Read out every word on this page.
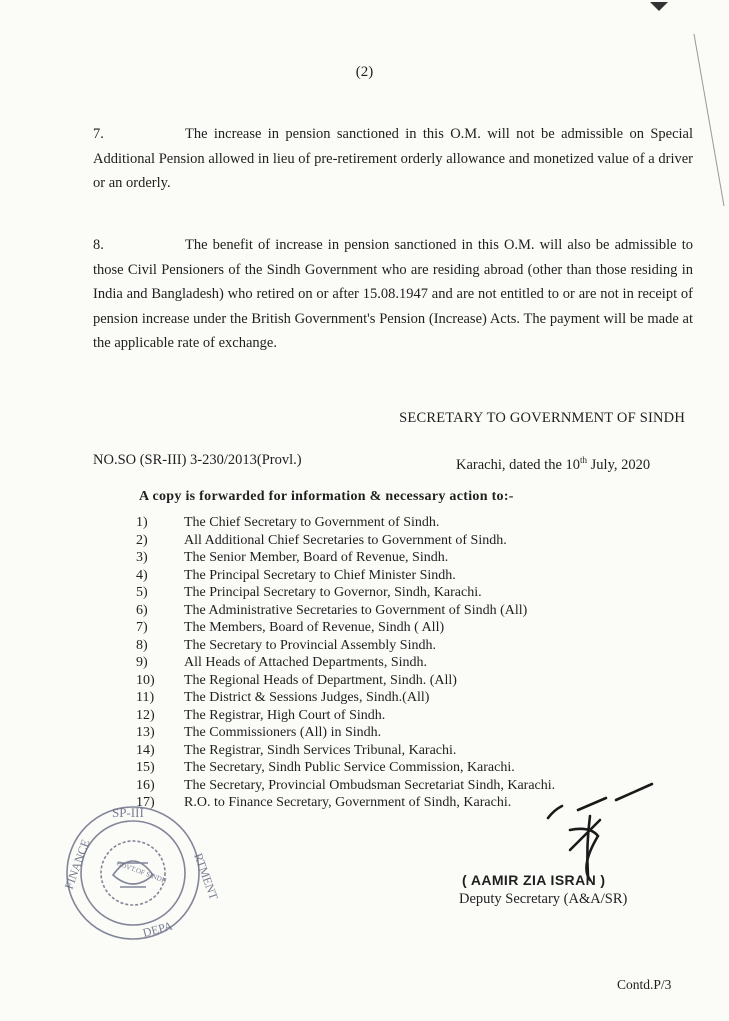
(2)
7.	The increase in pension sanctioned in this O.M. will not be admissible on Special Additional Pension allowed in lieu of pre-retirement orderly allowance and monetized value of a driver or an orderly.
8.	The benefit of increase in pension sanctioned in this O.M. will also be admissible to those Civil Pensioners of the Sindh Government who are residing abroad (other than those residing in India and Bangladesh) who retired on or after 15.08.1947 and are not entitled to or are not in receipt of pension increase under the British Government's Pension (Increase) Acts. The payment will be made at the applicable rate of exchange.
SECRETARY TO GOVERNMENT OF SINDH
NO.SO (SR-III) 3-230/2013(Provl.)	Karachi, dated the 10th July, 2020
A copy is forwarded for information & necessary action to:-
1)	The Chief Secretary to Government of Sindh.
2)	All Additional Chief Secretaries to Government of Sindh.
3)	The Senior Member, Board of Revenue, Sindh.
4)	The Principal Secretary to Chief Minister Sindh.
5)	The Principal Secretary to Governor, Sindh, Karachi.
6)	The Administrative Secretaries to Government of Sindh (All)
7)	The Members, Board of Revenue, Sindh ( All)
8)	The Secretary to Provincial Assembly Sindh.
9)	All Heads of Attached Departments, Sindh.
10) The Regional Heads of Department, Sindh. (All)
11) The District & Sessions Judges, Sindh.(All)
12) The Registrar, High Court of Sindh.
13) The Commissioners (All) in Sindh.
14) The Registrar, Sindh Services Tribunal, Karachi.
15) The Secretary, Sindh Public Service Commission, Karachi.
16) The Secretary, Provincial Ombudsman Secretariat Sindh, Karachi.
17) R.O. to Finance Secretary, Government of Sindh, Karachi.
SP-III
FINANCE
DEPA
RTMENT
GOVT.OF SINDH	( AAMIR ZIA ISRAN )
Deputy Secretary (A&A/SR)
Contd.P/3
